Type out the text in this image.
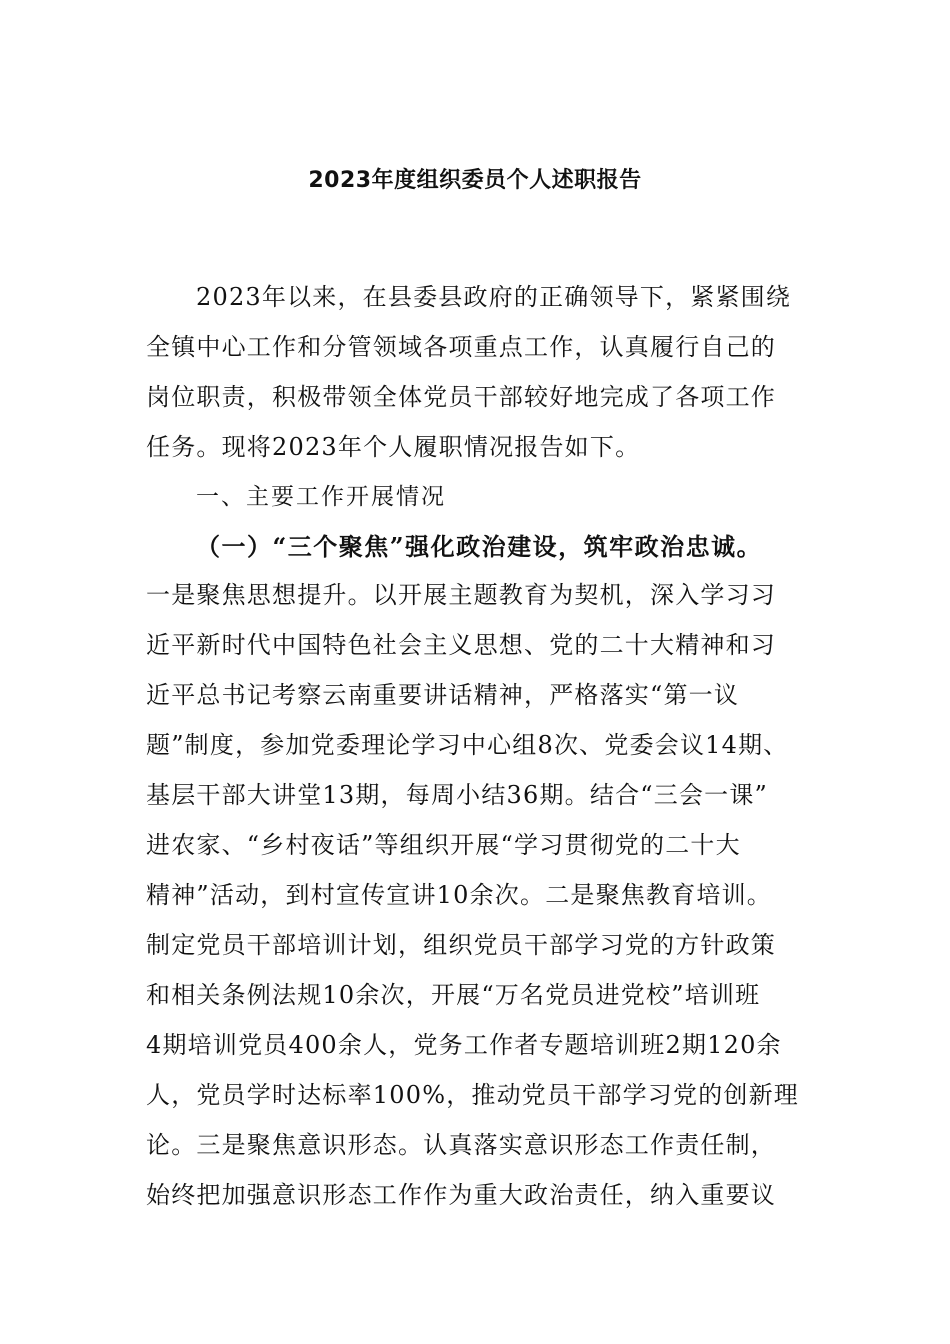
2023年度组织委员个人述职报告
2023年以来，在县委县政府的正确领导下，紧紧围绕
全镇中心工作和分管领域各项重点工作，认真履行自己的
岗位职责，积极带领全体党员干部较好地完成了各项工作
任务。现将2023年个人履职情况报告如下。
一、主要工作开展情况
（一）“三个聚焦”强化政治建设，筑牢政治忠诚。
一是聚焦思想提升。以开展主题教育为契机，深入学习习
近平新时代中国特色社会主义思想、党的二十大精神和习
近平总书记考察云南重要讲话精神，严格落实“第一议
题”制度，参加党委理论学习中心组8次、党委会议14期、
基层干部大讲堂13期，每周小结36期。结合“三会一课”
进农家、“乡村夜话”等组织开展“学习贯彻党的二十大
精神”活动，到村宣传宣讲10余次。二是聚焦教育培训。
制定党员干部培训计划，组织党员干部学习党的方针政策
和相关条例法规10余次，开展“万名党员进党校”培训班
4期培训党员400余人，党务工作者专题培训班2期120余
人，党员学时达标率100%，推动党员干部学习党的创新理
论。三是聚焦意识形态。认真落实意识形态工作责任制，
始终把加强意识形态工作作为重大政治责任，纳入重要议
